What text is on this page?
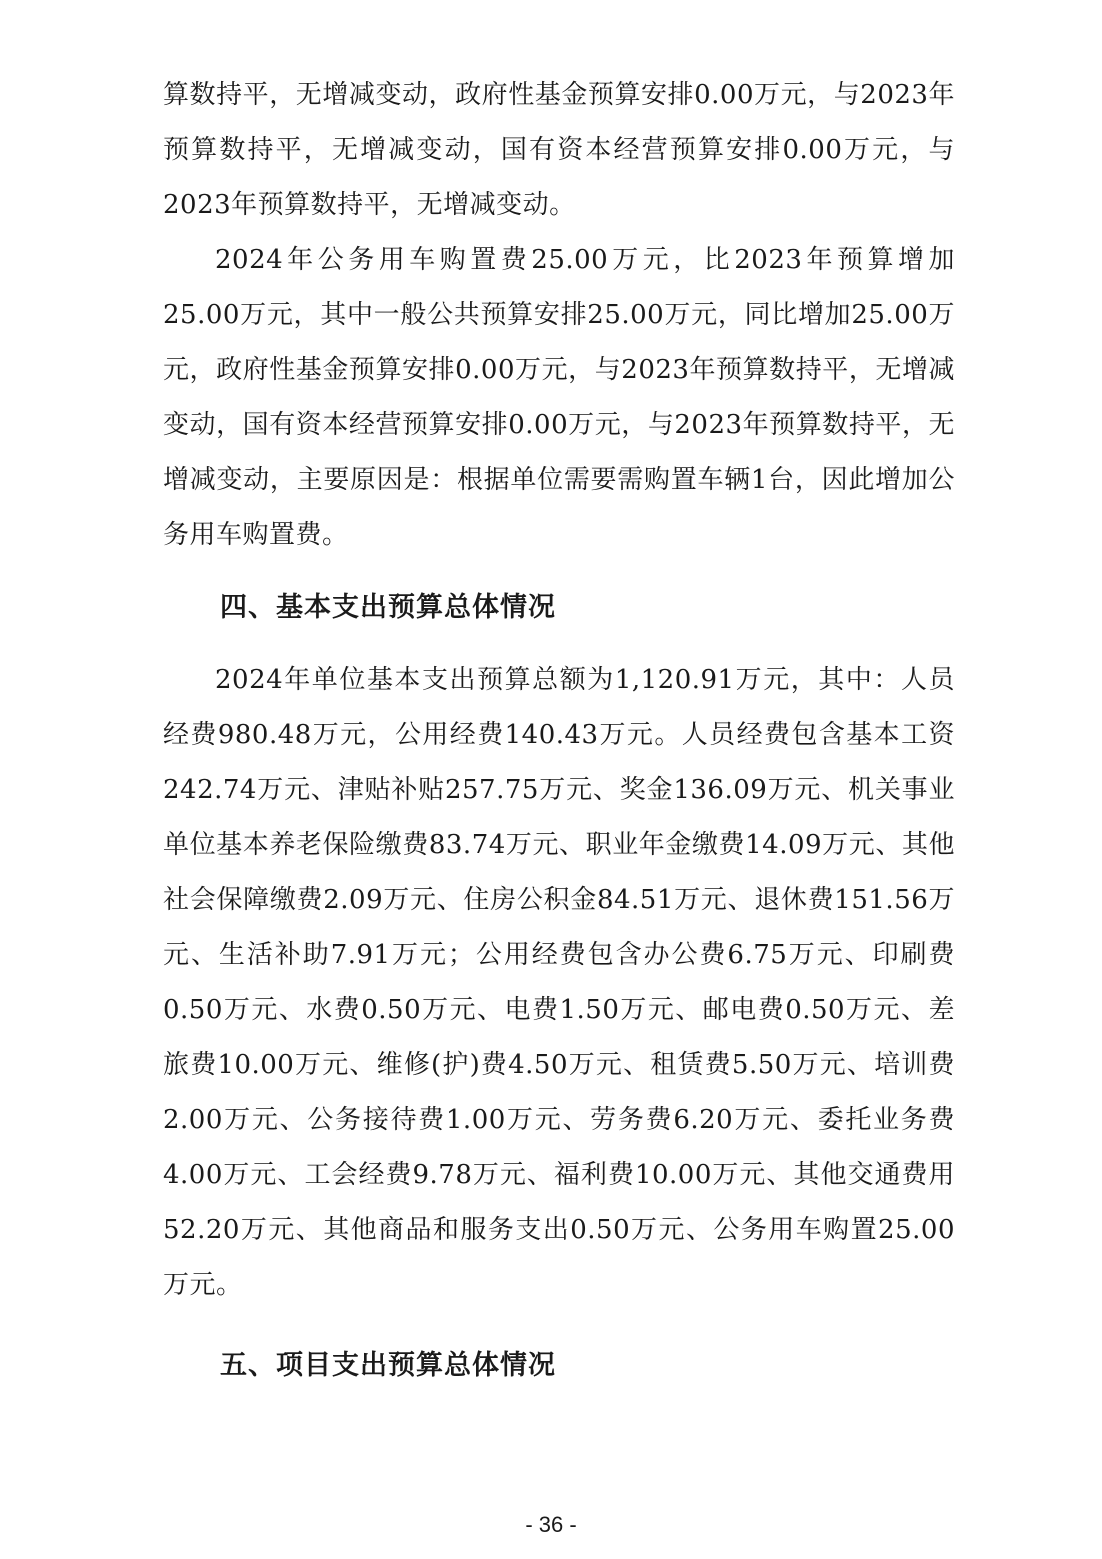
算数持平，无增减变动，政府性基金预算安排0.00万元，与2023年预算数持平，无增减变动，国有资本经营预算安排0.00万元，与2023年预算数持平，无增减变动。

2024年公务用车购置费25.00万元，比2023年预算增加25.00万元，其中一般公共预算安排25.00万元，同比增加25.00万元，政府性基金预算安排0.00万元，与2023年预算数持平，无增减变动，国有资本经营预算安排0.00万元，与2023年预算数持平，无增减变动，主要原因是：根据单位需要需购置车辆1台，因此增加公务用车购置费。

四、基本支出预算总体情况

2024年单位基本支出预算总额为1,120.91万元，其中：人员经费980.48万元，公用经费140.43万元。人员经费包含基本工资242.74万元、津贴补贴257.75万元、奖金136.09万元、机关事业单位基本养老保险缴费83.74万元、职业年金缴费14.09万元、其他社会保障缴费2.09万元、住房公积金84.51万元、退休费151.56万元、生活补助7.91万元；公用经费包含办公费6.75万元、印刷费0.50万元、水费0.50万元、电费1.50万元、邮电费0.50万元、差旅费10.00万元、维修(护)费4.50万元、租赁费5.50万元、培训费2.00万元、公务接待费1.00万元、劳务费6.20万元、委托业务费4.00万元、工会经费9.78万元、福利费10.00万元、其他交通费用52.20万元、其他商品和服务支出0.50万元、公务用车购置25.00万元。

五、项目支出预算总体情况
- 36 -
